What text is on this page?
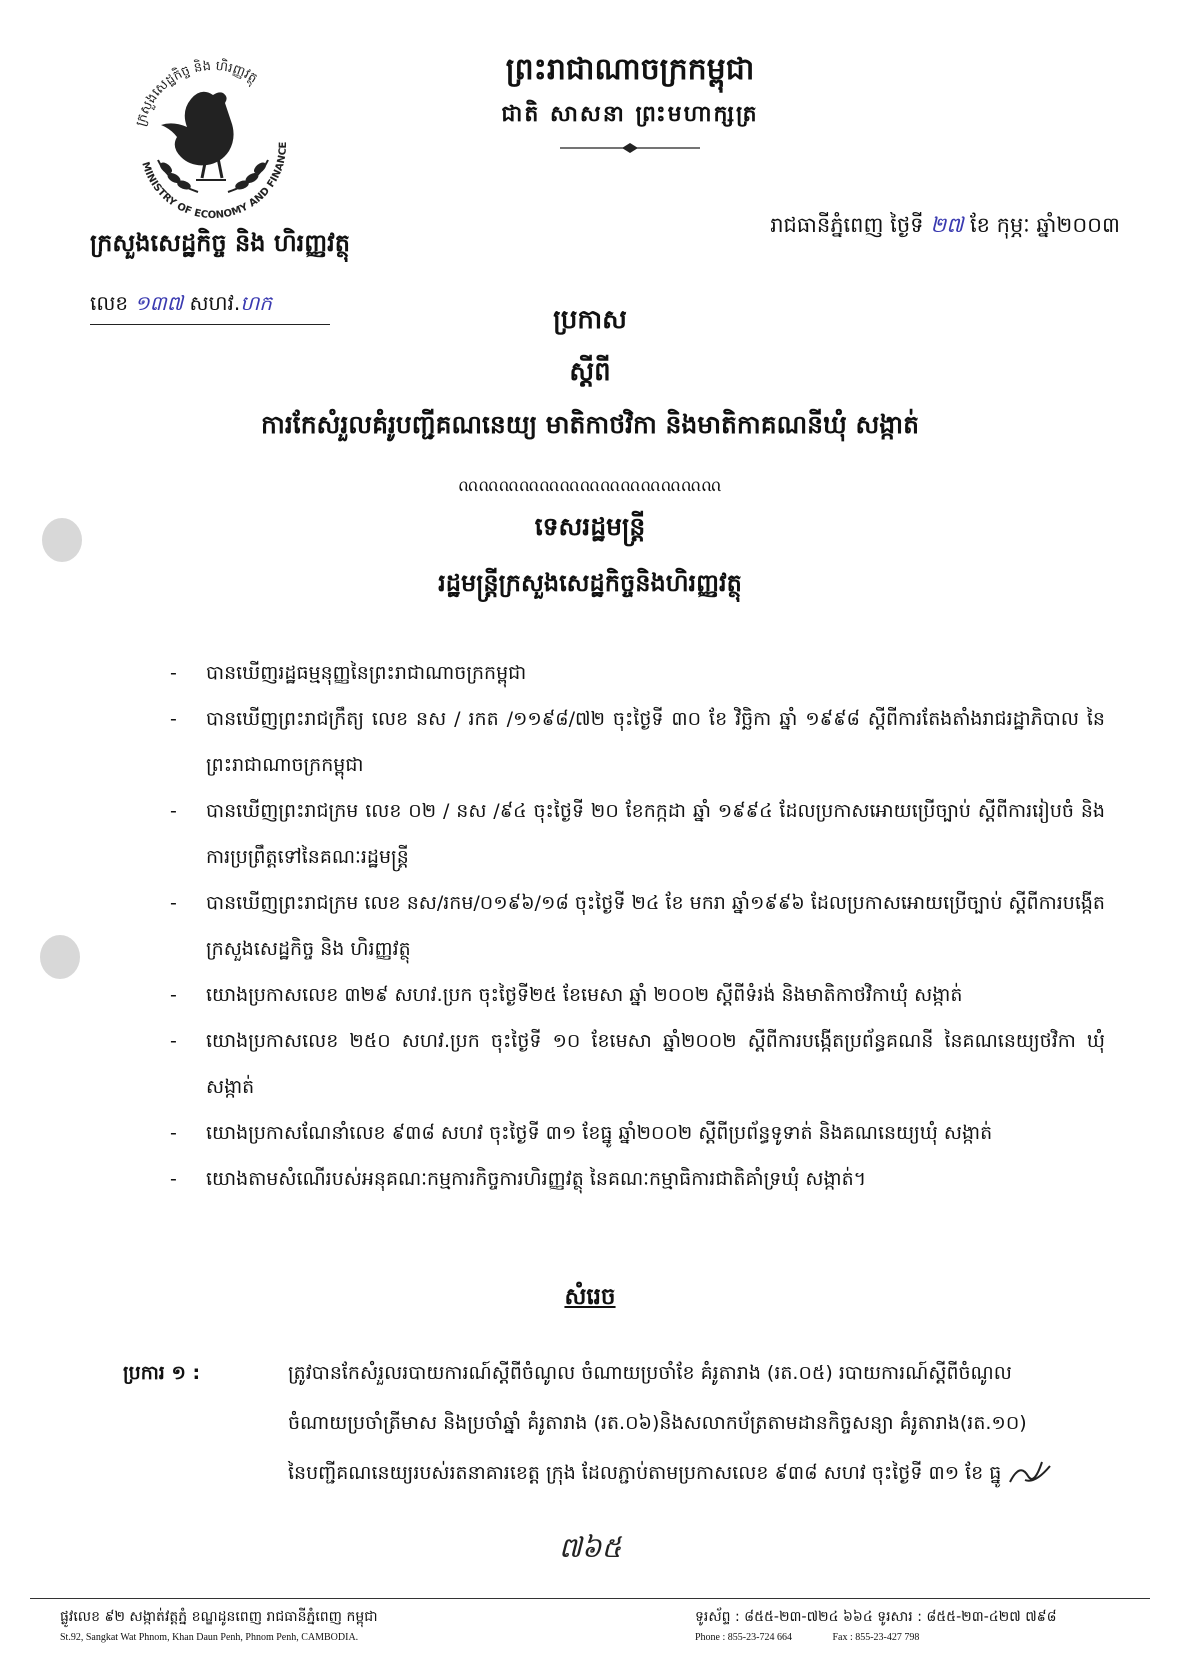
ក្រសួងសេដ្ឋកិច្ច និង ហិរញ្ញវត្ថុ
MINISTRY OF ECONOMY AND FINANCE
ព្រះរាជាណាចក្រកម្ពុជា
ជាតិ សាសនា ព្រះមហាក្សត្រ
ក្រសួងសេដ្ឋកិច្ច និង ហិរញ្ញវត្ថុ
លេខ ១៣៧ សហវ.ហក
រាជធានីភ្នំពេញ ថ្ងៃទី ២៧ ខែ កុម្ភៈ ឆ្នាំ២០០៣
ប្រកាស
ស្តីពី
ការកែសំរួលគំរូបញ្ជីគណនេយ្យ មាតិកាថវិកា និងមាតិកាគណនីឃុំ សង្កាត់
ᦶᦶᦶᦶᦶᦶᦶᦶᦶᦶᦶᦶᦶ
ទេសរដ្ឋមន្ត្រី
រដ្ឋមន្ត្រីក្រសួងសេដ្ឋកិច្ចនិងហិរញ្ញវត្ថុ
- បានឃើញរដ្ឋធម្មនុញ្ញនៃព្រះរាជាណាចក្រកម្ពុជា
- បានឃើញព្រះរាជក្រឹត្យ លេខ នស / រកត /១១៩៨/៧២ ចុះថ្ងៃទី ៣០ ខែ វិច្ឆិកា ឆ្នាំ ១៩៩៨ ស្តីពីការតែងតាំងរាជរដ្ឋាភិបាល នៃព្រះរាជាណាចក្រកម្ពុជា
- បានឃើញព្រះរាជក្រម លេខ ០២ / នស /៩៤ ចុះថ្ងៃទី ២០ ខែកក្កដា ឆ្នាំ ១៩៩៤ ដែលប្រកាសអោយប្រើច្បាប់ ស្តីពីការរៀបចំ និងការប្រព្រឹត្តទៅនៃគណៈរដ្ឋមន្ត្រី
- បានឃើញព្រះរាជក្រម លេខ នស/រកម/០១៩៦/១៨ ចុះថ្ងៃទី ២៤ ខែ មករា ឆ្នាំ១៩៩៦ ដែលប្រកាសអោយប្រើច្បាប់ ស្តីពីការបង្កើតក្រសួងសេដ្ឋកិច្ច និង ហិរញ្ញវត្ថុ
- យោងប្រកាសលេខ ៣២៩ សហវ.ប្រក ចុះថ្ងៃទី២៥ ខែមេសា ឆ្នាំ ២០០២ ស្តីពីទំរង់ និងមាតិកាថវិកាឃុំ សង្កាត់
- យោងប្រកាសលេខ ២៥០ សហវ.ប្រក ចុះថ្ងៃទី ១០ ខែមេសា ឆ្នាំ២០០២ ស្តីពីការបង្កើតប្រព័ន្ធគណនី នៃគណនេយ្យថវិកា ឃុំ សង្កាត់
- យោងប្រកាសណែនាំលេខ ៩៣៨ សហវ ចុះថ្ងៃទី ៣១ ខែធ្នូ ឆ្នាំ២០០២ ស្តីពីប្រព័ន្ធទូទាត់ និងគណនេយ្យឃុំ សង្កាត់
- យោងតាមសំណើរបស់អនុគណៈកម្មការកិច្ចការហិរញ្ញវត្ថុ នៃគណៈកម្មាធិការជាតិគាំទ្រឃុំ សង្កាត់។
សំរេច
ប្រការ ១ :	ត្រូវបានកែសំរួលរបាយការណ៍ស្តីពីចំណូល ចំណាយប្រចាំខែ គំរូតារាង (រត.០៥) របាយការណ៍ស្តីពីចំណូល
ចំណាយប្រចាំត្រីមាស និងប្រចាំឆ្នាំ គំរូតារាង (រត.០៦)និងសលាកប័ត្រតាមដានកិច្ចសន្យា គំរូតារាង(រត.១០)
នៃបញ្ជីគណនេយ្យរបស់រតនាគារខេត្ត ក្រុង ដែលភ្ជាប់តាមប្រកាសលេខ ៩៣៨ សហវ ចុះថ្ងៃទី ៣១ ខែ ធ្នូ
៧៦៥
ផ្លូវលេខ ៩២ សង្កាត់វត្តភ្នំ ខណ្ឌដូនពេញ រាជធានីភ្នំពេញ កម្ពុជា
St.92, Sangkat Wat Phnom, Khan Daun Penh, Phnom Penh, CAMBODIA.
ទូរស័ព្ទ : ៨៥៥-២៣-៧២៤ ៦៦៤ ទូរសារ : ៨៥៥-២៣-៤២៧ ៧៩៨
Phone : 855-23-724 664	Fax : 855-23-427 798
